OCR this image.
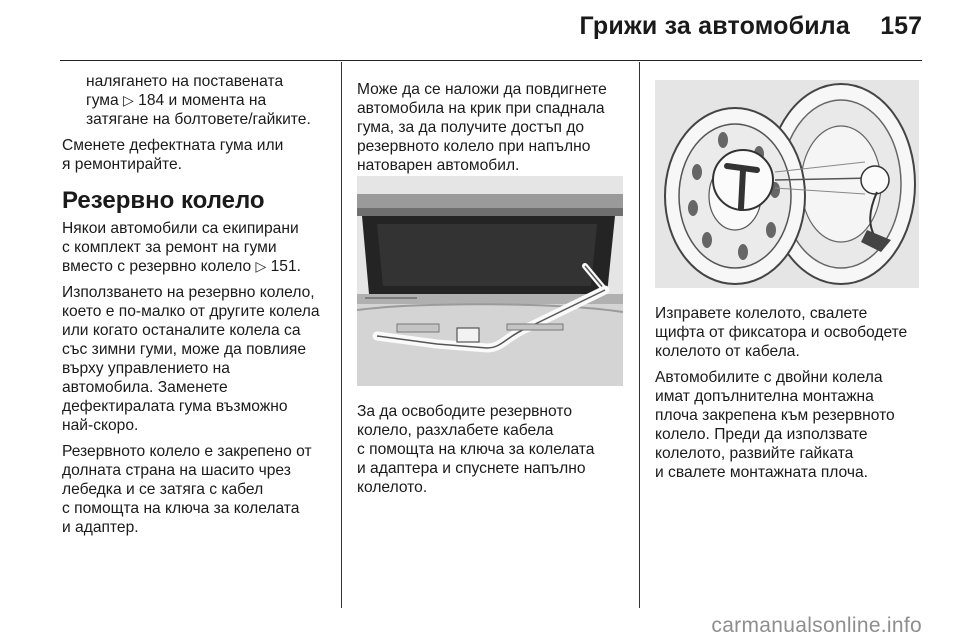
Грижи за автомобила 157

налягането на поставената
гума ▷ 184 и момента на
затягане на болтовете/гайките.

Сменете дефектната гума или
я ремонтирайте.

Резервно колело

Някои автомобили са екипирани
с комплект за ремонт на гуми
вместо с резервно колело ▷ 151.

Използването на резервно колело,
което е по-малко от другите колела
или когато останалите колела са
със зимни гуми, може да повлияе
върху управлението на
автомобила. Заменете
дефектиралата гума възможно
най-скоро.

Резервното колело е закрепено от
долната страна на шасито чрез
лебедка и се затяга с кабел
с помощта на ключа за колелата
и адаптер.

Може да се наложи да повдигнете
автомобила на крик при спаднала
гума, за да получите достъп до
резервното колело при напълно
натоварен автомобил.

За да освободите резервното
колело, разхлабете кабела
с помощта на ключа за колелата
и адаптера и спуснете напълно
колелото.

Изправете колелото, свалете
щифта от фиксатора и освободете
колелото от кабела.

Автомобилите с двойни колела
имат допълнителна монтажна
плоча закрепена към резервното
колело. Преди да използвате
колелото, развийте гайката
и свалете монтажната плоча.

carmanualsonline.info
